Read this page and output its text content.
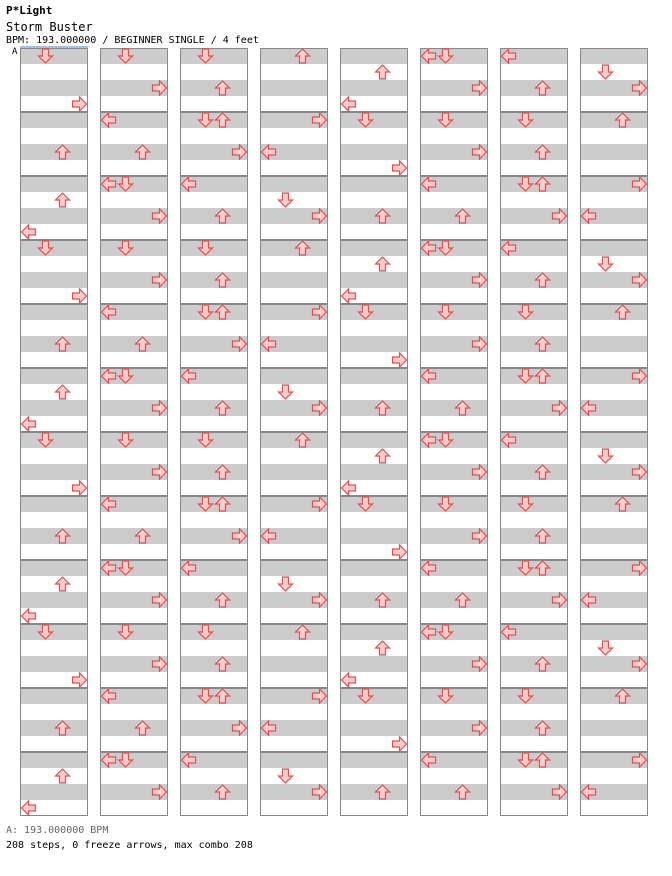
P*Light
Storm Buster
BPM: 193.000000 / BEGINNER SINGLE / 4 feet
A
A: 193.000000 BPM
208 steps, 0 freeze arrows, max combo 208
